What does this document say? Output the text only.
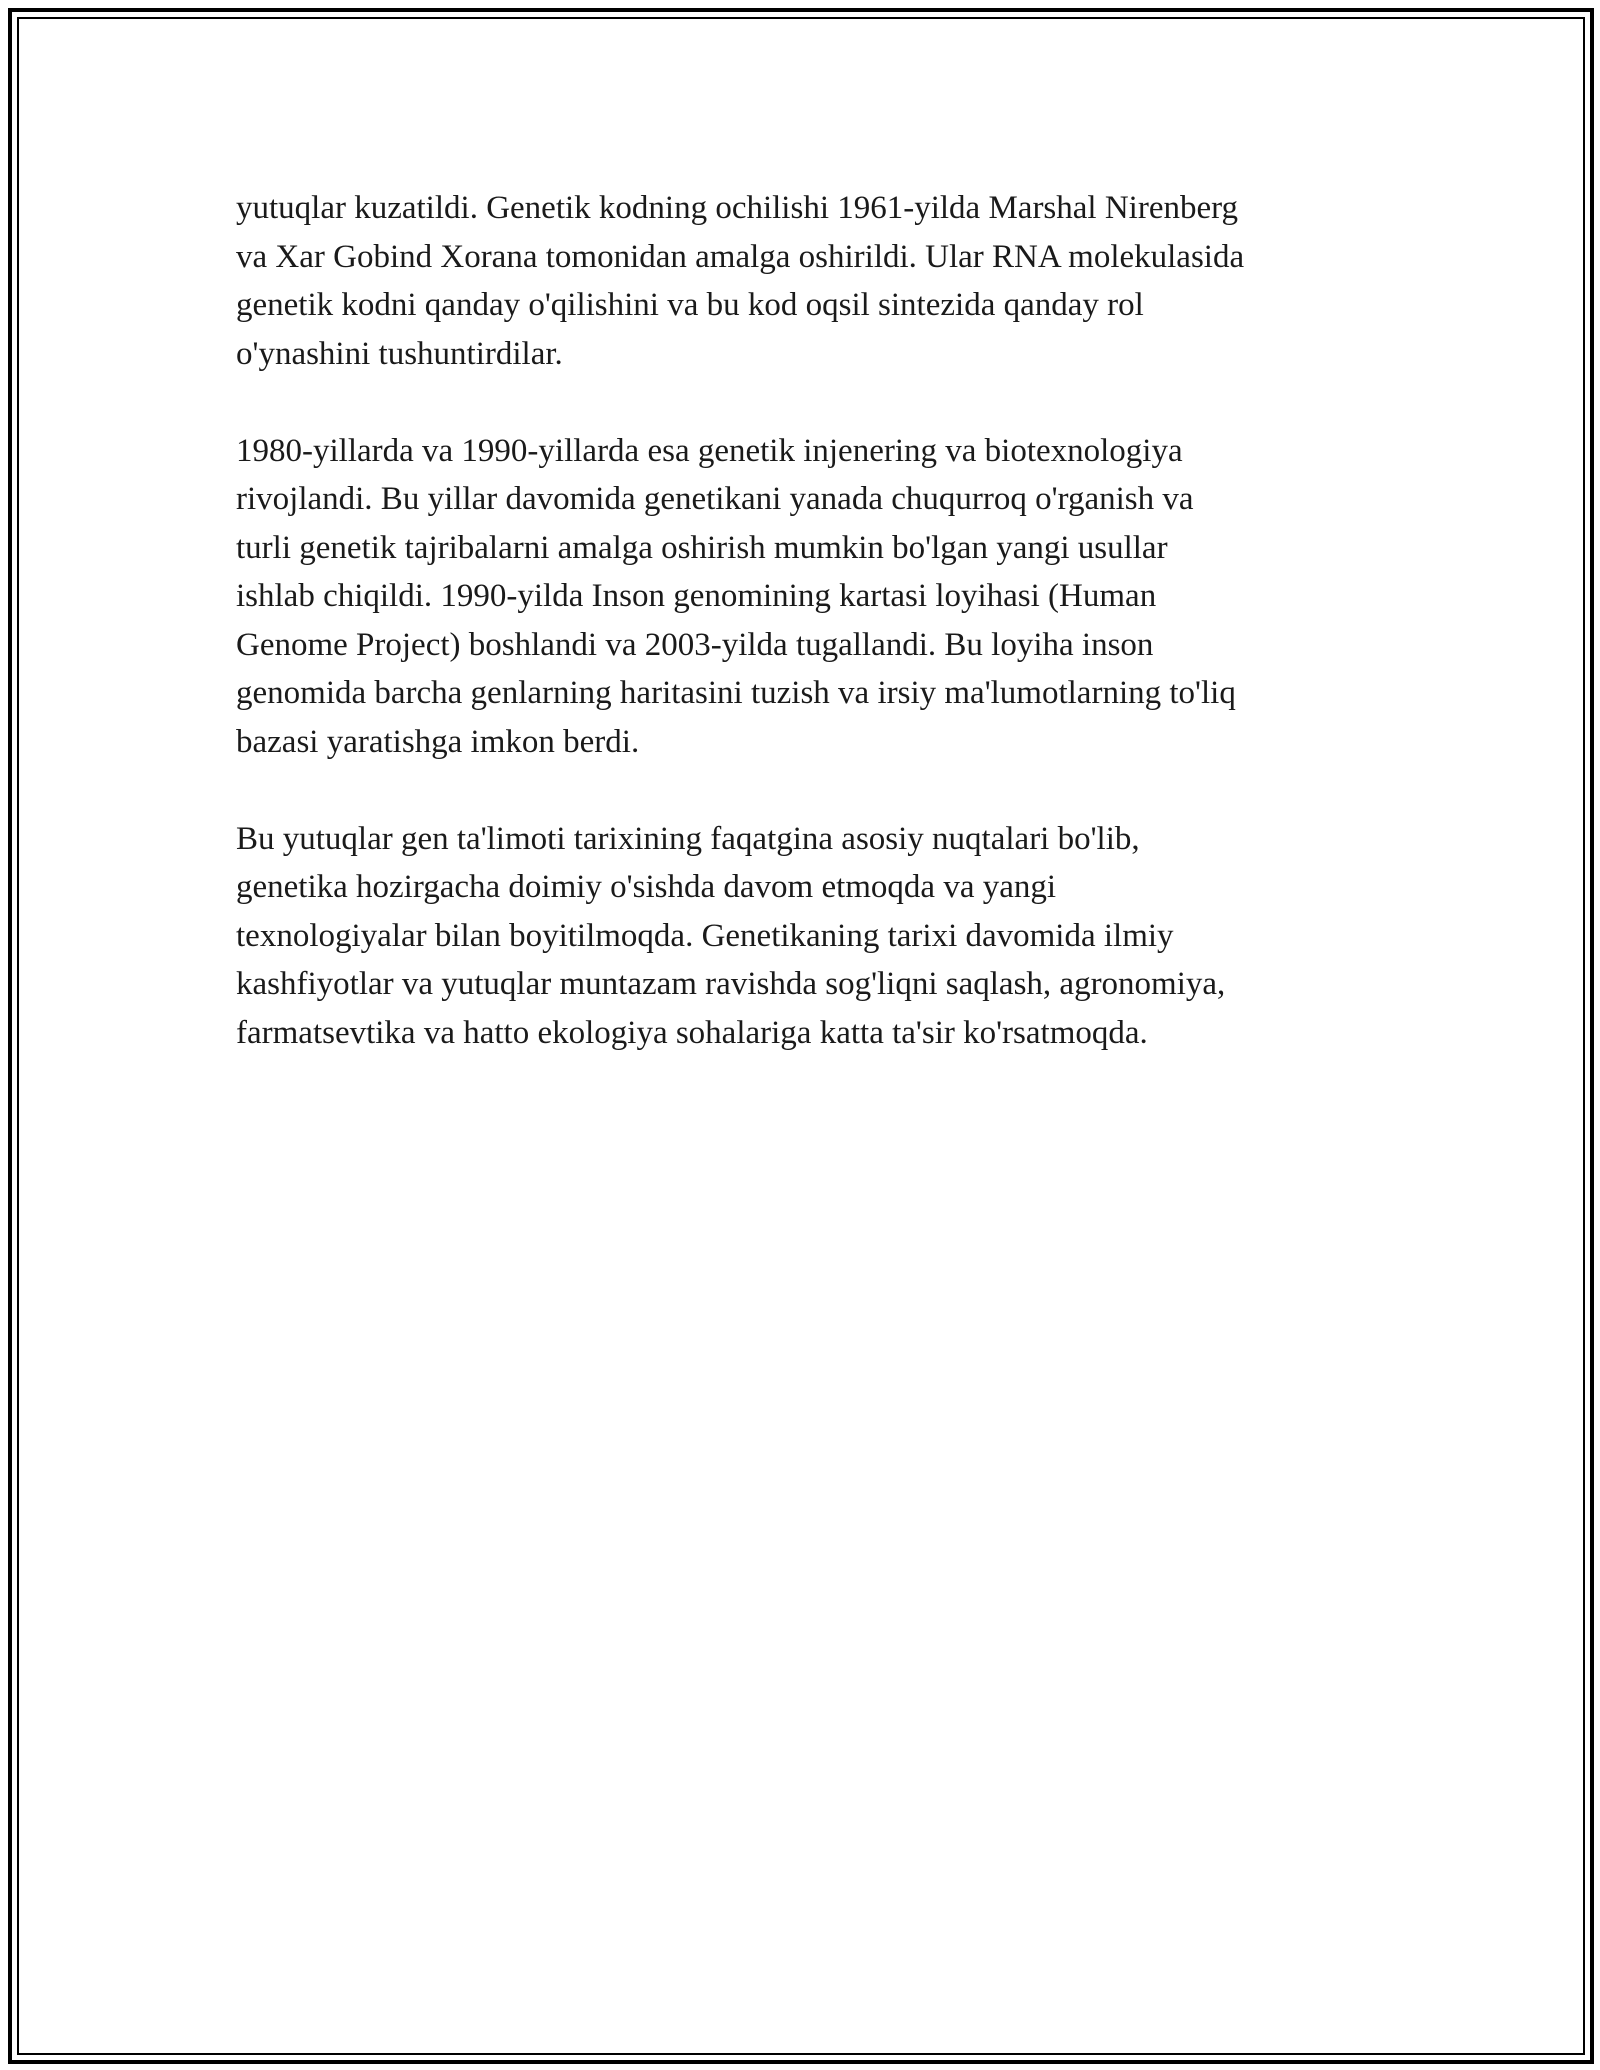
yutuqlar kuzatildi. Genetik kodning ochilishi 1961-yilda Marshal Nirenberg
va Xar Gobind Xorana tomonidan amalga oshirildi. Ular RNA molekulasida
genetik kodni qanday o'qilishini va bu kod oqsil sintezida qanday rol
o'ynashini tushuntirdilar.

1980-yillarda va 1990-yillarda esa genetik injenering va biotexnologiya
rivojlandi. Bu yillar davomida genetikani yanada chuqurroq o'rganish va
turli genetik tajribalarni amalga oshirish mumkin bo'lgan yangi usullar
ishlab chiqildi. 1990-yilda Inson genomining kartasi loyihasi (Human
Genome Project) boshlandi va 2003-yilda tugallandi. Bu loyiha inson
genomida barcha genlarning haritasini tuzish va irsiy ma'lumotlarning to'liq
bazasi yaratishga imkon berdi.

Bu yutuqlar gen ta'limoti tarixining faqatgina asosiy nuqtalari bo'lib,
genetika hozirgacha doimiy o'sishda davom etmoqda va yangi
texnologiyalar bilan boyitilmoqda. Genetikaning tarixi davomida ilmiy
kashfiyotlar va yutuqlar muntazam ravishda sog'liqni saqlash, agronomiya,
farmatsevtika va hatto ekologiya sohalariga katta ta'sir ko'rsatmoqda.
